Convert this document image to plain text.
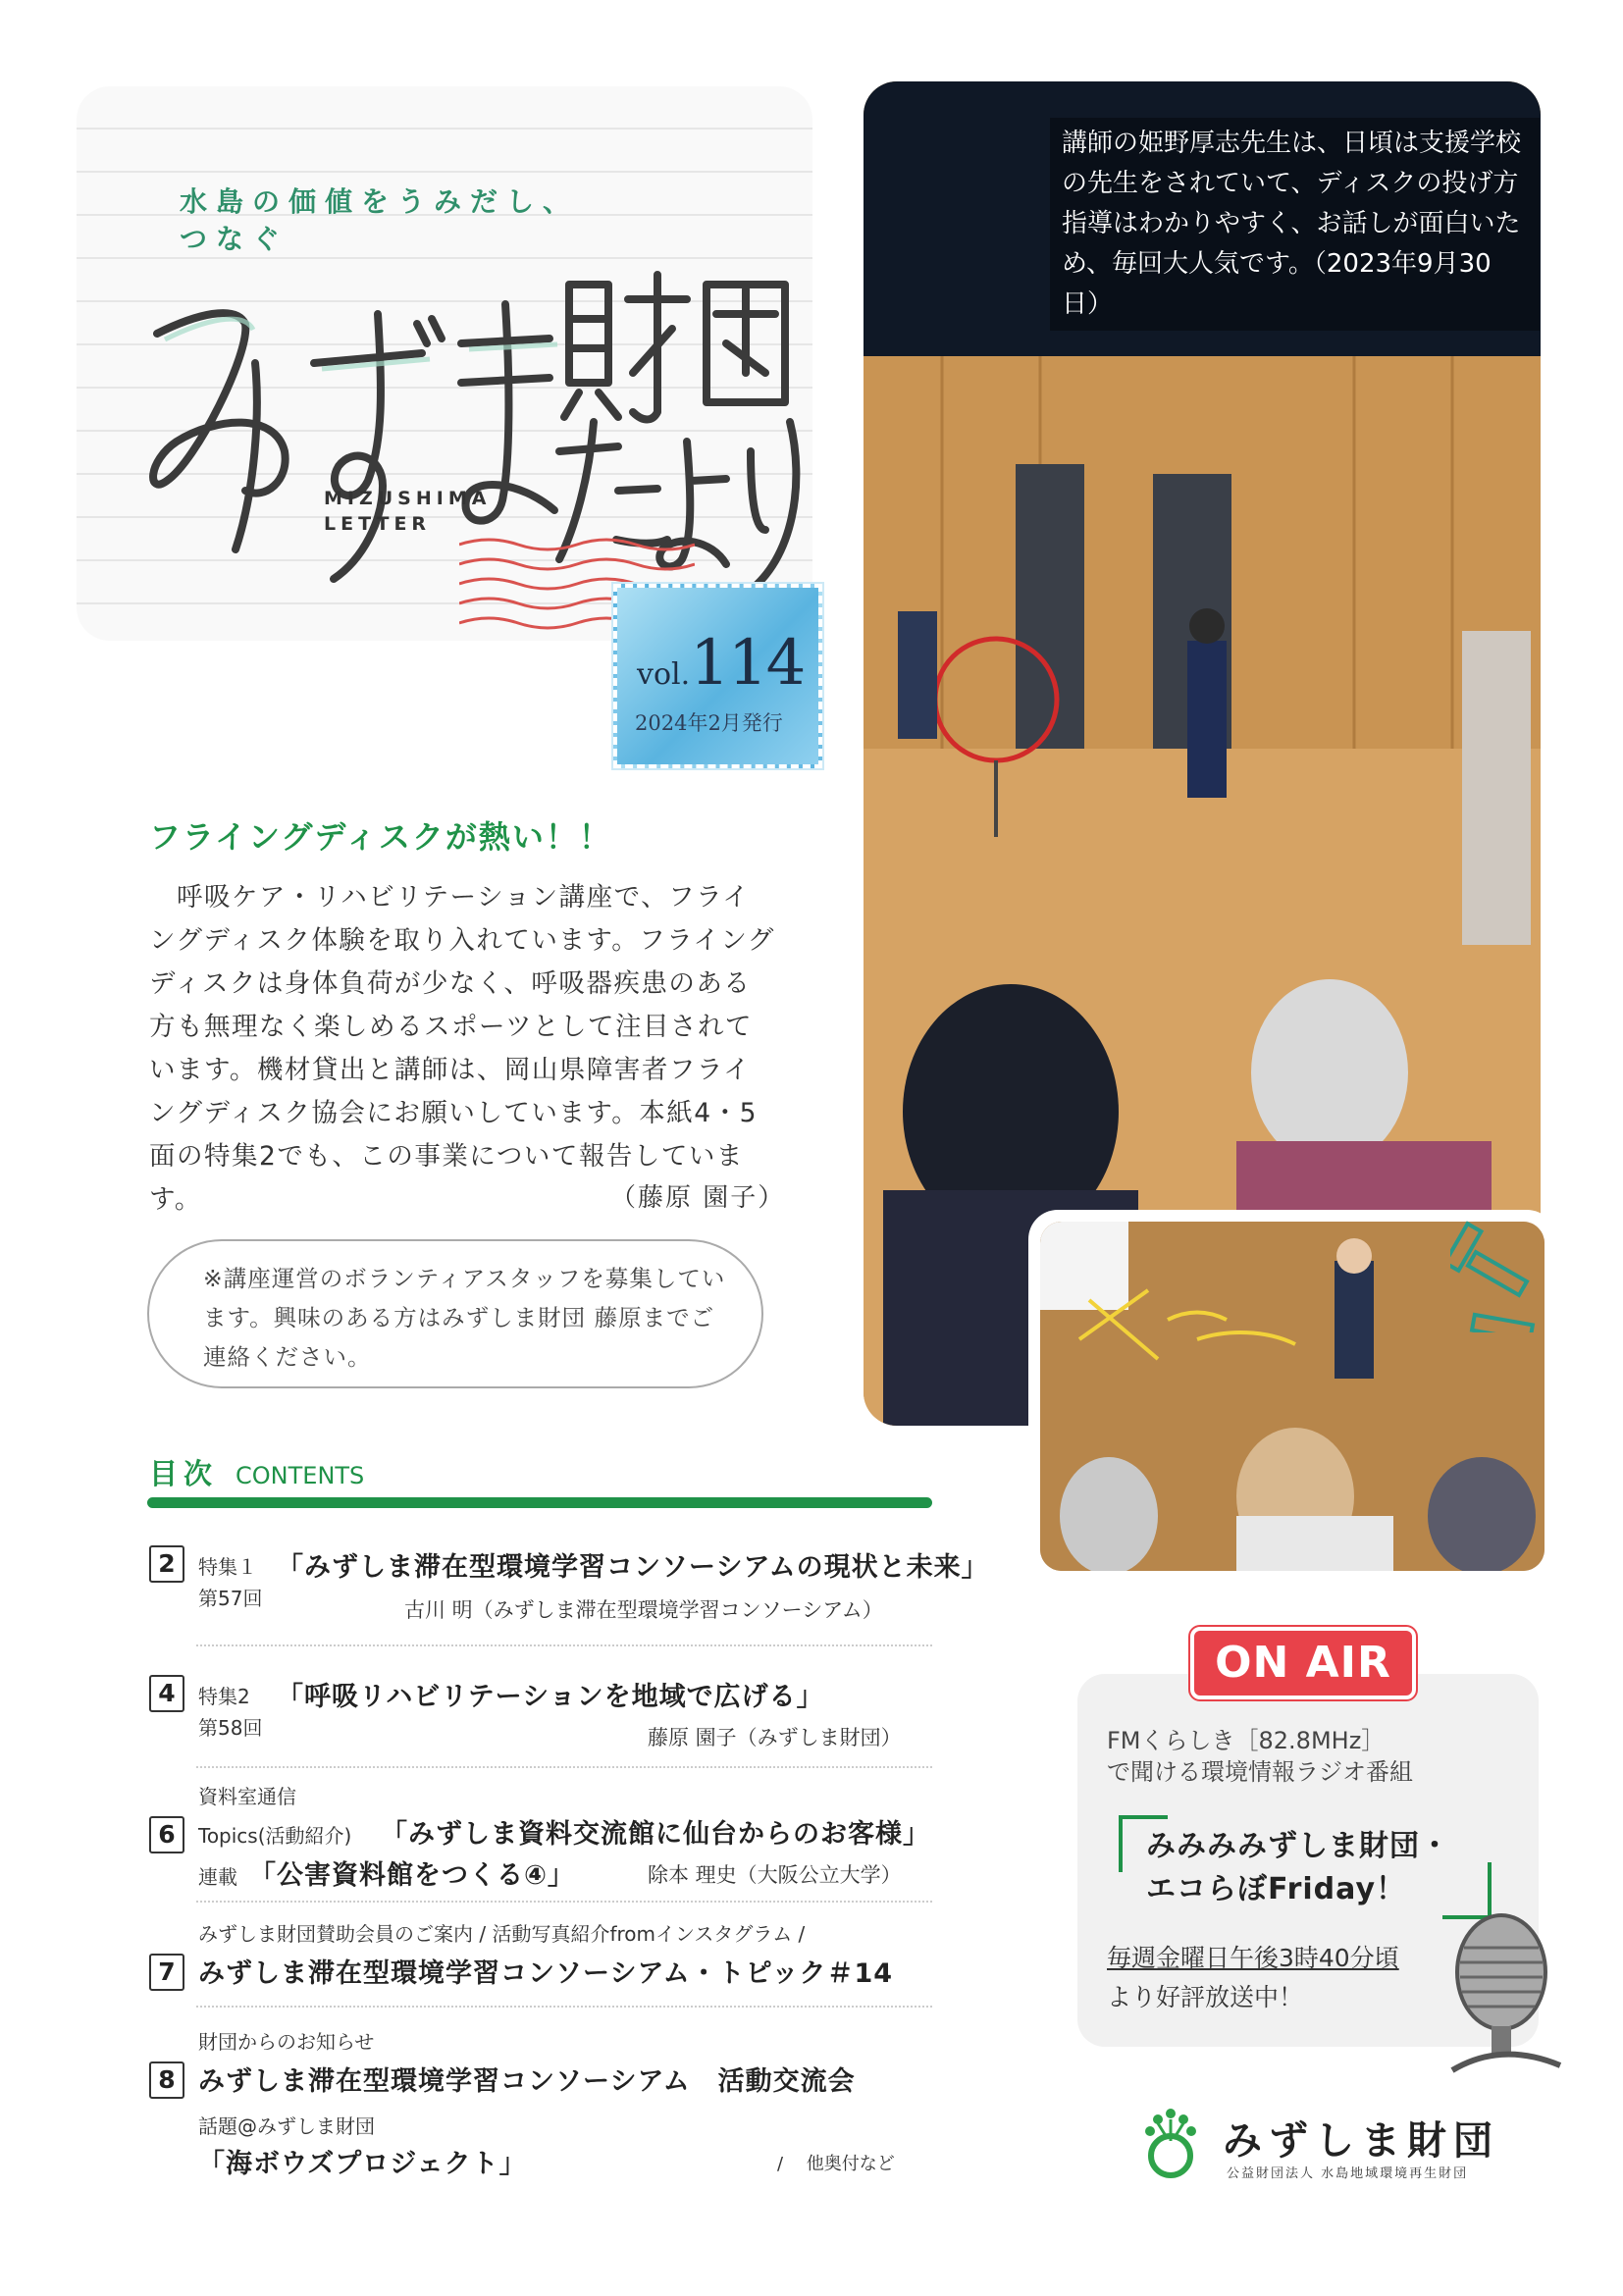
水島の価値をうみだし、
つなぐ
MIZUSHIMA
LETTER
vol.114
2024年2月発行
講師の姫野厚志先生は、日頃は支援学校の先生をされていて、ディスクの投げ方指導はわかりやすく、お話しが面白いため、毎回大人気です。（2023年9月30日）
フライングディスクが熱い！！

呼吸ケア・リハビリテーション講座で、フライングディスク体験を取り入れています。フライングディスクは身体負荷が少なく、呼吸器疾患のある方も無理なく楽しめるスポーツとして注目されています。機材貸出と講師は、岡山県障害者フライングディスク協会にお願いしています。本紙4・5面の特集2でも、この事業について報告しています。	（藤原 園子）
※講座運営のボランティアスタッフを募集しています。興味のある方はみずしま財団 藤原までご連絡ください。
目次 CONTENTS
2	特集１
第57回
「みずしま滞在型環境学習コンソーシアムの現状と未来」
古川 明（みずしま滞在型環境学習コンソーシアム）
4	特集2
第58回
「呼吸リハビリテーションを地域で広げる」
藤原 園子（みずしま財団）
資料室通信
6	Topics(活動紹介) 「みずしま資料交流館に仙台からのお客様」
連載 「公害資料館をつくる④」	除本 理史（大阪公立大学）
みずしま財団賛助会員のご案内 / 活動写真紹介fromインスタグラム /
7 みずしま滞在型環境学習コンソーシアム・トピック＃14
財団からのお知らせ
8 みずしま滞在型環境学習コンソーシアム　活動交流会
話題@みずしま財団
「海ボウズプロジェクト」	/　 他奥付など
ON AIR
FMくらしき［82.8MHz］
で聞ける環境情報ラジオ番組
みみみみずしま財団・
エコらぼFriday！
毎週金曜日午後3時40分頃
より好評放送中！
みずしま財団
公益財団法人 水島地域環境再生財団
